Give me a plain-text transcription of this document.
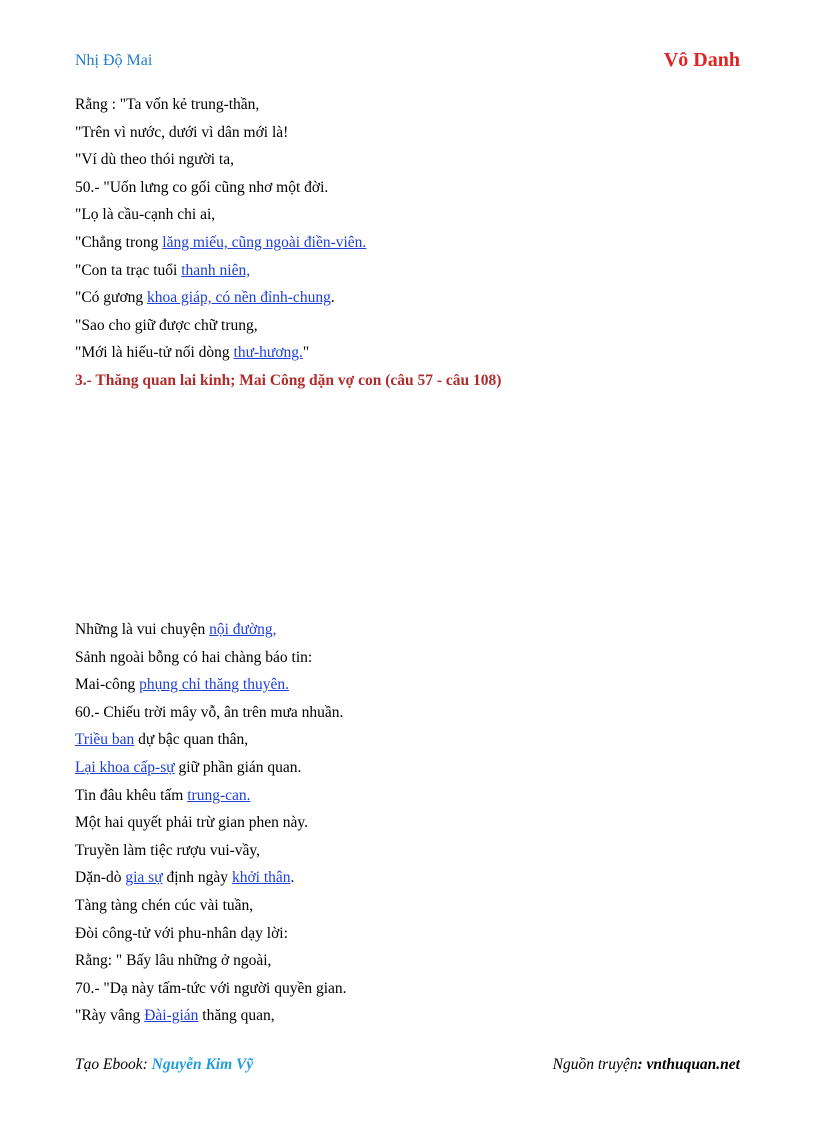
Nhị Độ Mai	Vô Danh
Rằng : "Ta vốn kẻ trung-thần,
"Trên vì nước, dưới vì dân mới là!
"Ví dù theo thói người ta,
50.- "Uốn lưng co gối cũng nhơ một đời.
"Lọ là cầu-cạnh chi ai,
"Chẳng trong lăng miếu, cũng ngoài điền-viên.
"Con ta trạc tuổi thanh niên,
"Có gương khoa giáp, có nền đỉnh-chung.
"Sao cho giữ được chữ trung,
"Mới là hiếu-tử nối dòng thư-hương."
3.- Thăng quan lai kinh; Mai Công dặn vợ con (câu 57 - câu 108)
Những là vui chuyện nội đường,
Sảnh ngoài bỗng có hai chàng báo tin:
Mai-công phụng chỉ thăng thuyên.
60.- Chiếu trời mây vỗ, ân trên mưa nhuần.
Triều ban dự bậc quan thân,
Lại khoa cấp-sự giữ phần gián quan.
Tin đâu khêu tấm trung-can.
Một hai quyết phải trừ gian phen này.
Truyền làm tiệc rượu vui-vầy,
Dặn-dò gia sự định ngày khởi thân.
Tàng tàng chén cúc vài tuần,
Đòi công-tử với phu-nhân dạy lời:
Rằng: " Bấy lâu những ở ngoài,
70.- "Dạ này tấm-tức với người quyền gian.
"Rày vâng Đài-gián thăng quan,
Tạo Ebook: Nguyễn Kim Vỹ	Nguồn truyện: vnthuquan.net
